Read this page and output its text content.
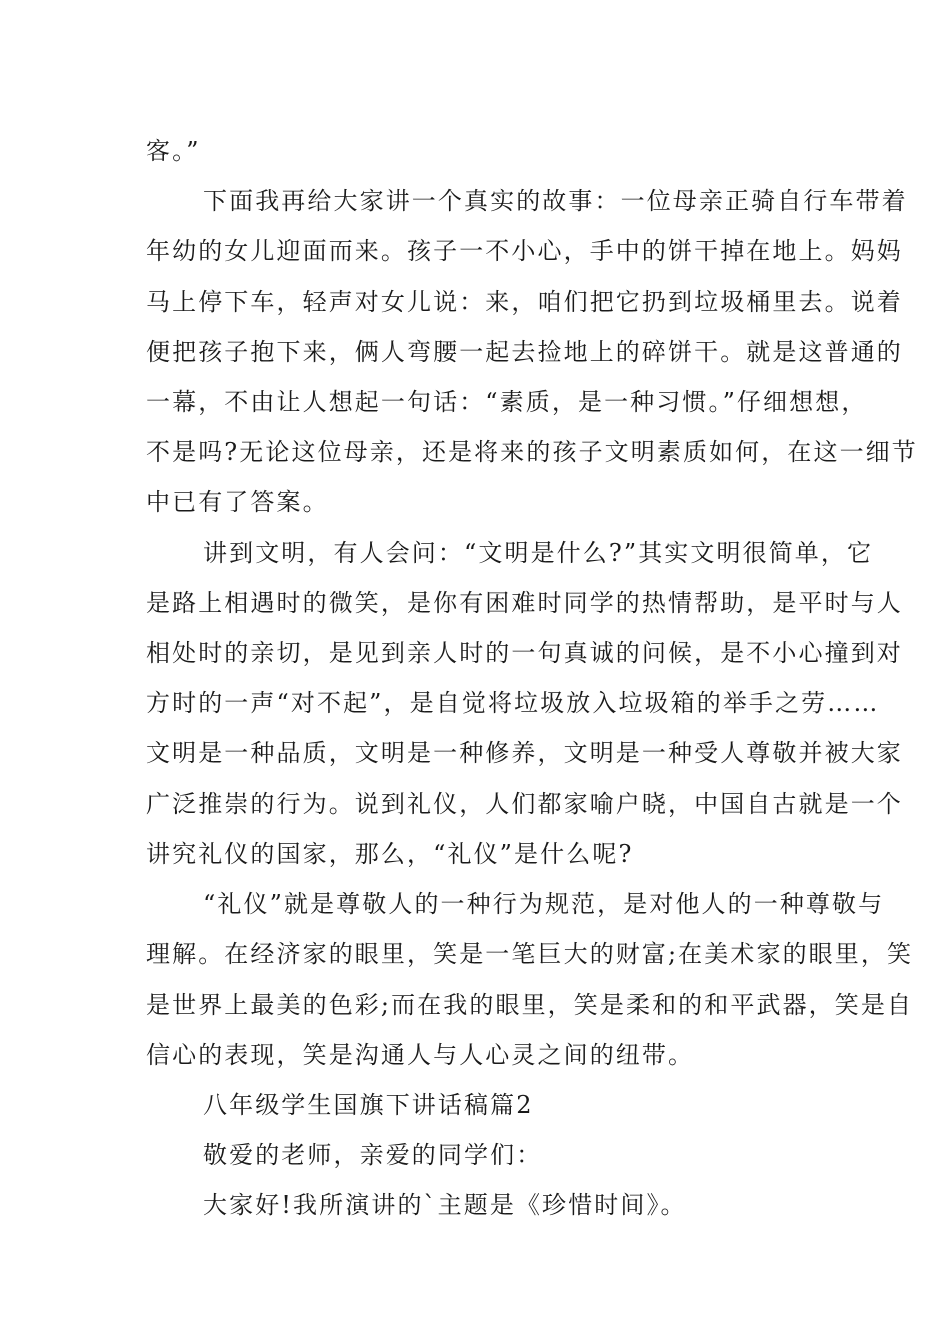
客。”
下面我再给大家讲一个真实的故事：一位母亲正骑自行车带着
年幼的女儿迎面而来。孩子一不小心，手中的饼干掉在地上。妈妈
马上停下车，轻声对女儿说：来，咱们把它扔到垃圾桶里去。说着
便把孩子抱下来，俩人弯腰一起去捡地上的碎饼干。就是这普通的
一幕，不由让人想起一句话：“素质，是一种习惯。”仔细想想，
不是吗?无论这位母亲，还是将来的孩子文明素质如何，在这一细节
中已有了答案。
讲到文明，有人会问：“文明是什么?”其实文明很简单，它
是路上相遇时的微笑，是你有困难时同学的热情帮助，是平时与人
相处时的亲切，是见到亲人时的一句真诚的问候，是不小心撞到对
方时的一声“对不起”，是自觉将垃圾放入垃圾箱的举手之劳……
文明是一种品质，文明是一种修养，文明是一种受人尊敬并被大家
广泛推崇的行为。说到礼仪，人们都家喻户晓，中国自古就是一个
讲究礼仪的国家，那么，“礼仪”是什么呢?
“礼仪”就是尊敬人的一种行为规范，是对他人的一种尊敬与
理解。在经济家的眼里，笑是一笔巨大的财富;在美术家的眼里，笑
是世界上最美的色彩;而在我的眼里，笑是柔和的和平武器，笑是自
信心的表现，笑是沟通人与人心灵之间的纽带。
八年级学生国旗下讲话稿篇2
敬爱的老师，亲爱的同学们：
大家好!我所演讲的`主题是《珍惜时间》。
